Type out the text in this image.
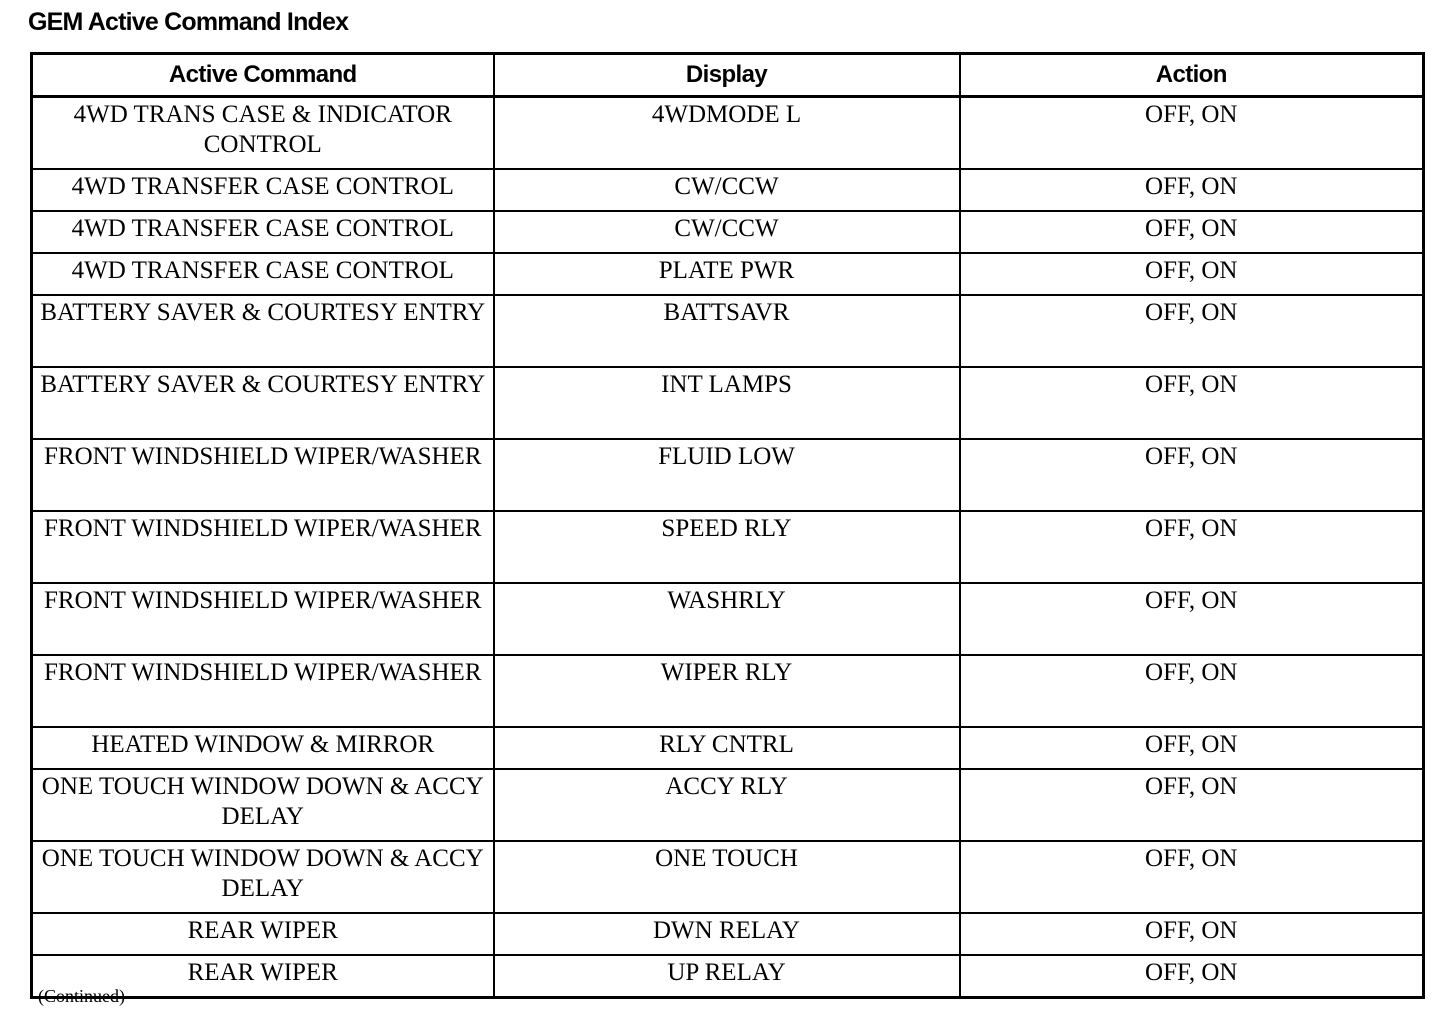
GEM Active Command Index
Active Command	Display	Action
4WD TRANS CASE & INDICATOR CONTROL	4WDMODE L	OFF, ON
4WD TRANSFER CASE CONTROL	CW/CCW	OFF, ON
4WD TRANSFER CASE CONTROL	CW/CCW	OFF, ON
4WD TRANSFER CASE CONTROL	PLATE PWR	OFF, ON
BATTERY SAVER & COURTESY ENTRY	BATTSAVR	OFF, ON
BATTERY SAVER & COURTESY ENTRY	INT LAMPS	OFF, ON
FRONT WINDSHIELD WIPER/WASHER	FLUID LOW	OFF, ON
FRONT WINDSHIELD WIPER/WASHER	SPEED RLY	OFF, ON
FRONT WINDSHIELD WIPER/WASHER	WASHRLY	OFF, ON
FRONT WINDSHIELD WIPER/WASHER	WIPER RLY	OFF, ON
HEATED WINDOW & MIRROR	RLY CNTRL	OFF, ON
ONE TOUCH WINDOW DOWN & ACCY DELAY	ACCY RLY	OFF, ON
ONE TOUCH WINDOW DOWN & ACCY DELAY	ONE TOUCH	OFF, ON
REAR WIPER	DWN RELAY	OFF, ON
REAR WIPER	UP RELAY	OFF, ON
(Continued)
